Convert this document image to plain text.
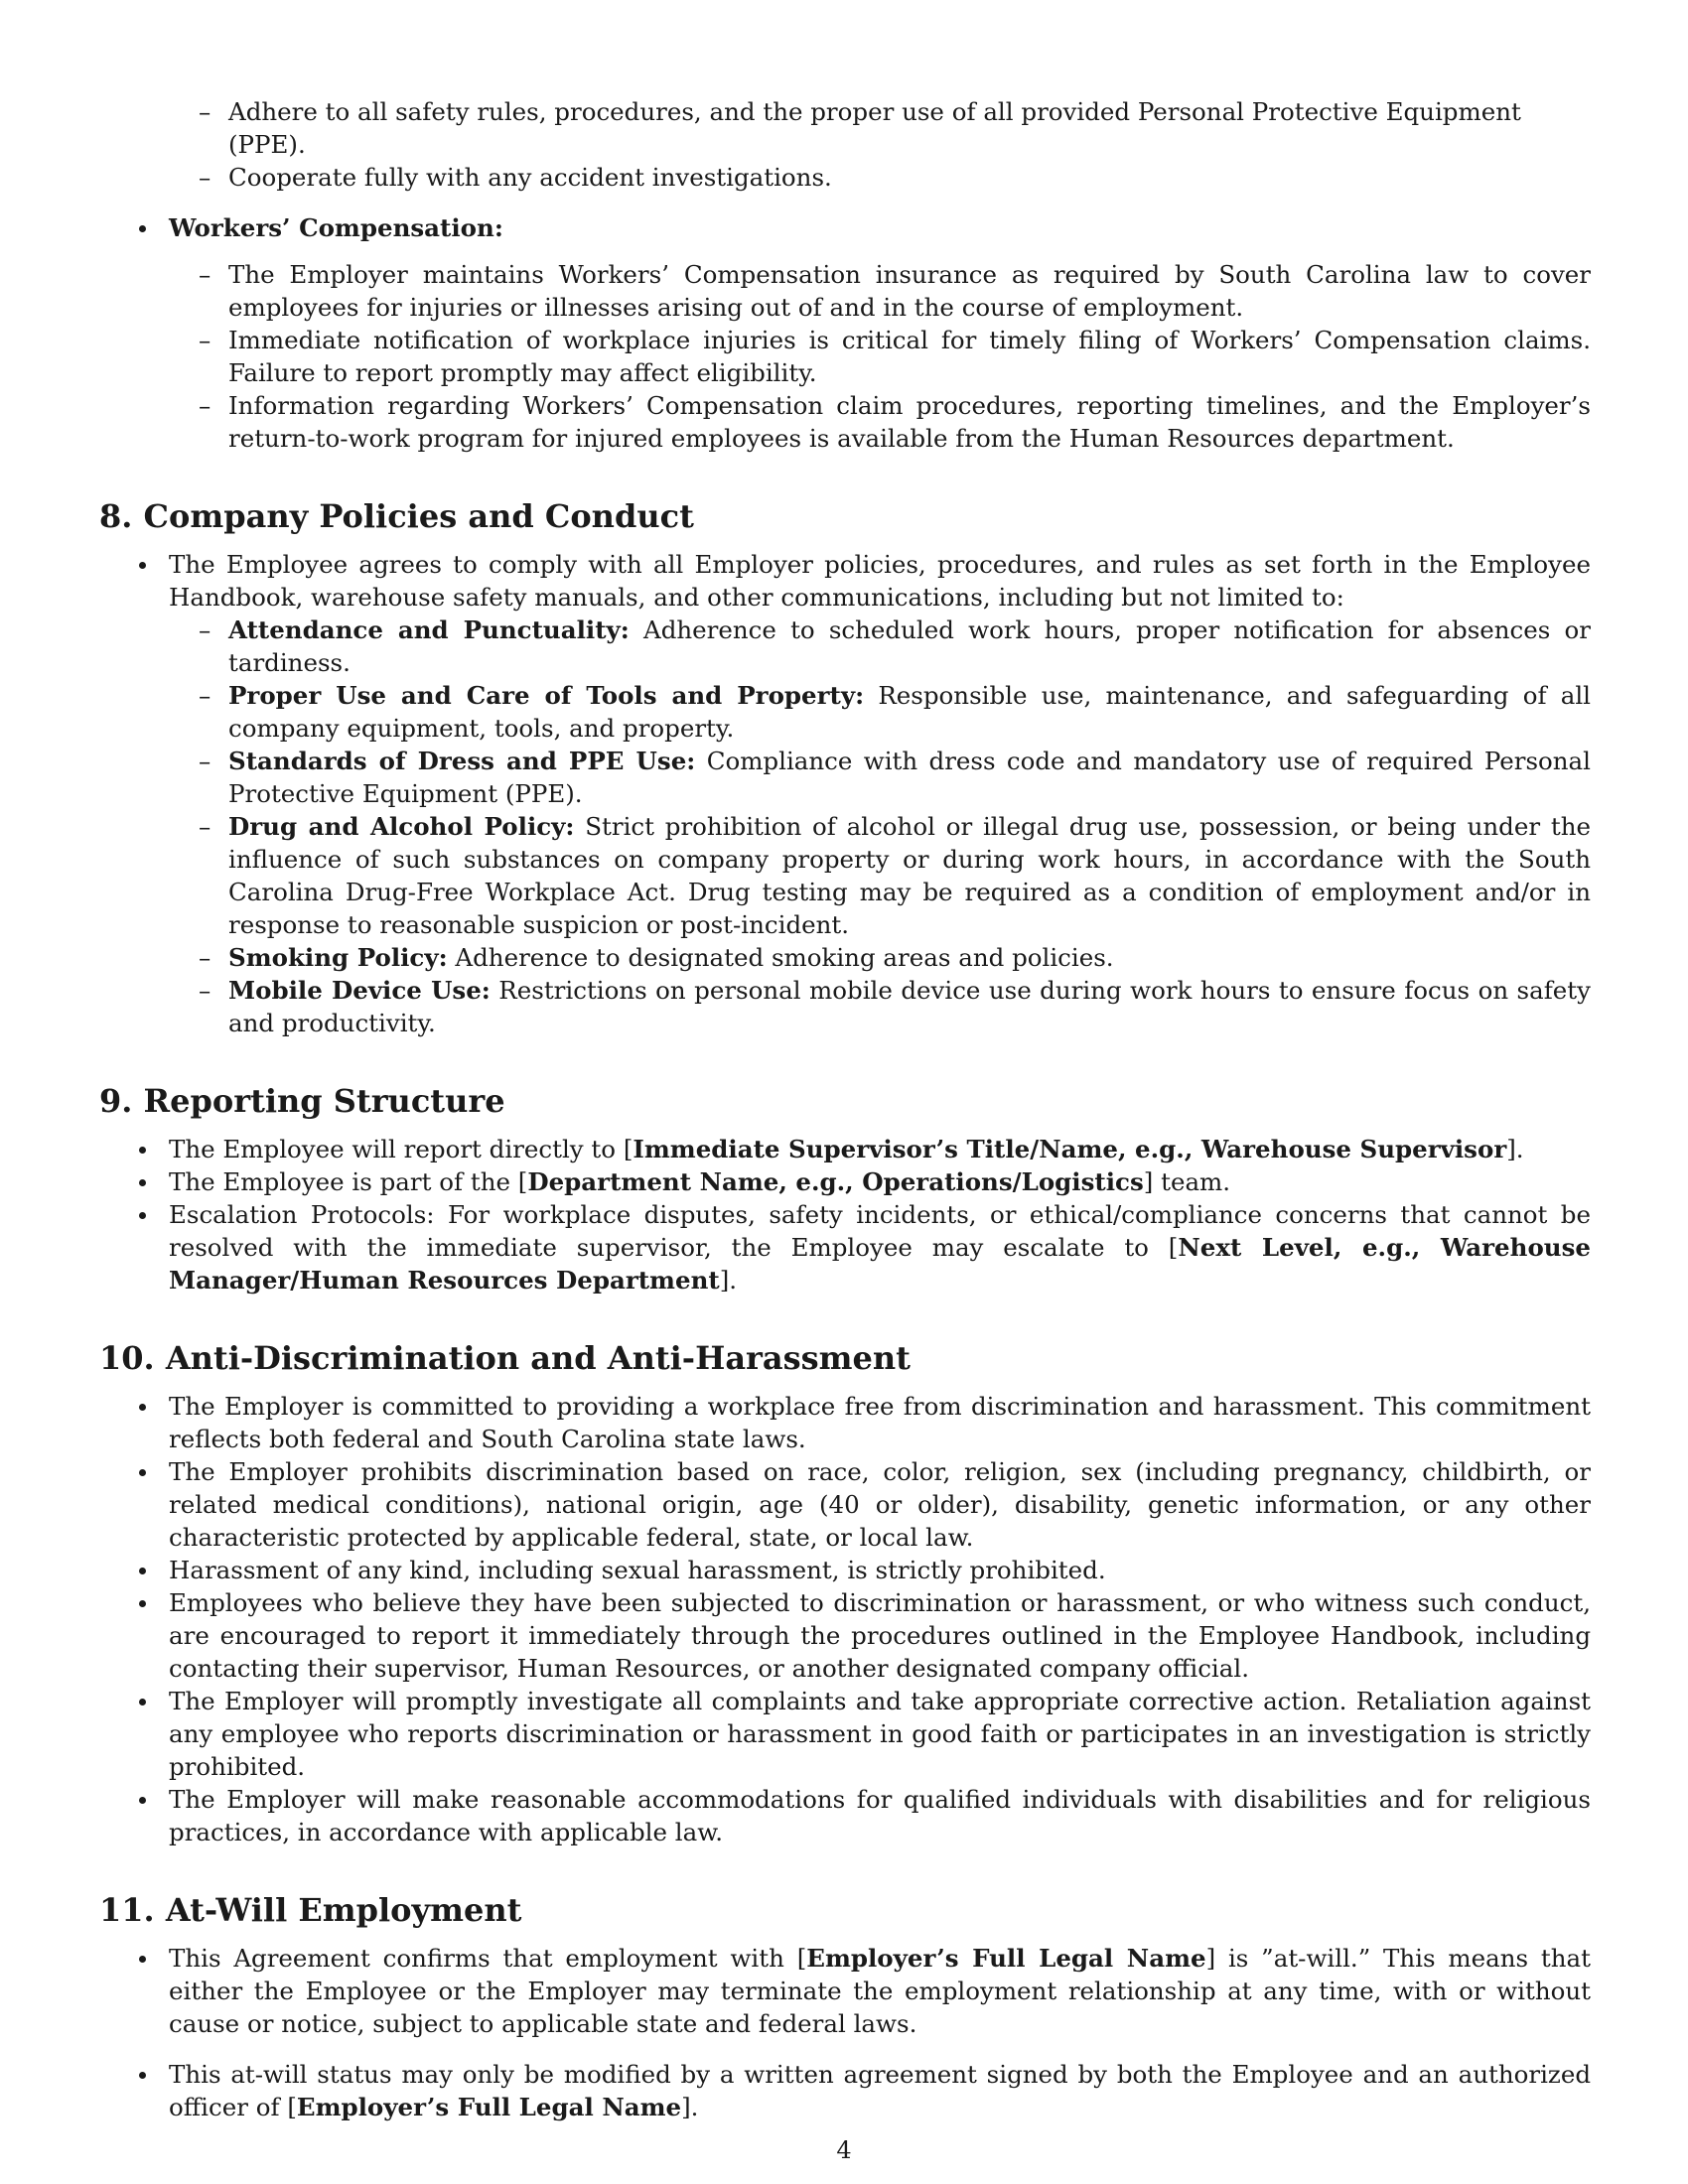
– Adhere to all safety rules, procedures, and the proper use of all provided Personal Protective Equipment (PPE).
– Cooperate fully with any accident investigations.
Workers’ Compensation:
– The Employer maintains Workers’ Compensation insurance as required by South Carolina law to cover employees for injuries or illnesses arising out of and in the course of employment.
– Immediate notification of workplace injuries is critical for timely filing of Workers’ Compensation claims. Failure to report promptly may affect eligibility.
– Information regarding Workers’ Compensation claim procedures, reporting timelines, and the Employer’s return-to-work program for injured employees is available from the Human Resources department.
8. Company Policies and Conduct
The Employee agrees to comply with all Employer policies, procedures, and rules as set forth in the Employee Handbook, warehouse safety manuals, and other communications, including but not limited to:
– Attendance and Punctuality: Adherence to scheduled work hours, proper notification for absences or tardiness.
– Proper Use and Care of Tools and Property: Responsible use, maintenance, and safeguarding of all company equipment, tools, and property.
– Standards of Dress and PPE Use: Compliance with dress code and mandatory use of required Personal Protective Equipment (PPE).
– Drug and Alcohol Policy: Strict prohibition of alcohol or illegal drug use, possession, or being under the influence of such substances on company property or during work hours, in accordance with the South Carolina Drug-Free Workplace Act. Drug testing may be required as a condition of employment and/or in response to reasonable suspicion or post-incident.
– Smoking Policy: Adherence to designated smoking areas and policies.
– Mobile Device Use: Restrictions on personal mobile device use during work hours to ensure focus on safety and productivity.
9. Reporting Structure
The Employee will report directly to [Immediate Supervisor’s Title/Name, e.g., Warehouse Supervisor].
The Employee is part of the [Department Name, e.g., Operations/Logistics] team.
Escalation Protocols: For workplace disputes, safety incidents, or ethical/compliance concerns that cannot be resolved with the immediate supervisor, the Employee may escalate to [Next Level, e.g., Warehouse Manager/Human Resources Department].
10. Anti-Discrimination and Anti-Harassment
The Employer is committed to providing a workplace free from discrimination and harassment. This commitment reflects both federal and South Carolina state laws.
The Employer prohibits discrimination based on race, color, religion, sex (including pregnancy, childbirth, or related medical conditions), national origin, age (40 or older), disability, genetic information, or any other characteristic protected by applicable federal, state, or local law.
Harassment of any kind, including sexual harassment, is strictly prohibited.
Employees who believe they have been subjected to discrimination or harassment, or who witness such conduct, are encouraged to report it immediately through the procedures outlined in the Employee Handbook, including contacting their supervisor, Human Resources, or another designated company official.
The Employer will promptly investigate all complaints and take appropriate corrective action. Retaliation against any employee who reports discrimination or harassment in good faith or participates in an investigation is strictly prohibited.
The Employer will make reasonable accommodations for qualified individuals with disabilities and for religious practices, in accordance with applicable law.
11. At-Will Employment
This Agreement confirms that employment with [Employer’s Full Legal Name] is ”at-will.” This means that either the Employee or the Employer may terminate the employment relationship at any time, with or without cause or notice, subject to applicable state and federal laws.
This at-will status may only be modified by a written agreement signed by both the Employee and an authorized officer of [Employer’s Full Legal Name].
4
